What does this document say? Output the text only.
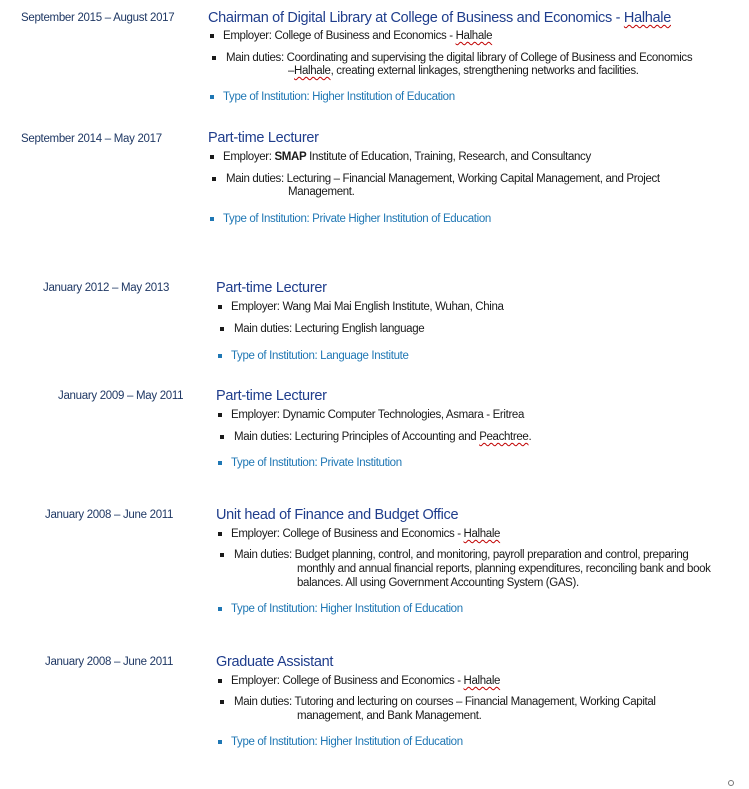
September 2015 – August 2017 Chairman of Digital Library at College of Business and Economics - Halhale
Employer: College of Business and Economics - Halhale
Main duties: Coordinating and supervising the digital library of College of Business and Economics
–Halhale, creating external linkages, strengthening networks and facilities.
Type of Institution: Higher Institution of Education
September 2014 – May 2017	Part-time Lecturer
Employer: SMAP Institute of Education, Training, Research, and Consultancy
Main duties: Lecturing – Financial Management, Working Capital Management, and Project
Management.
Type of Institution: Private Higher Institution of Education
January 2012 – May 2013	Part-time Lecturer
Employer: Wang Mai Mai English Institute, Wuhan, China
Main duties: Lecturing English language
Type of Institution: Language Institute
January 2009 – May 2011 Part-time Lecturer
Employer: Dynamic Computer Technologies, Asmara - Eritrea
Main duties: Lecturing Principles of Accounting and Peachtree.
Type of Institution: Private Institution
January 2008 – June 2011	Unit head of Finance and Budget Office
Employer: College of Business and Economics - Halhale
Main duties: Budget planning, control, and monitoring, payroll preparation and control, preparing
monthly and annual financial reports, planning expenditures, reconciling bank and book
balances. All using Government Accounting System (GAS).
Type of Institution: Higher Institution of Education
January 2008 – June 2011	Graduate Assistant
Employer: College of Business and Economics - Halhale
Main duties: Tutoring and lecturing on courses – Financial Management, Working Capital
management, and Bank Management.
Type of Institution: Higher Institution of Education
